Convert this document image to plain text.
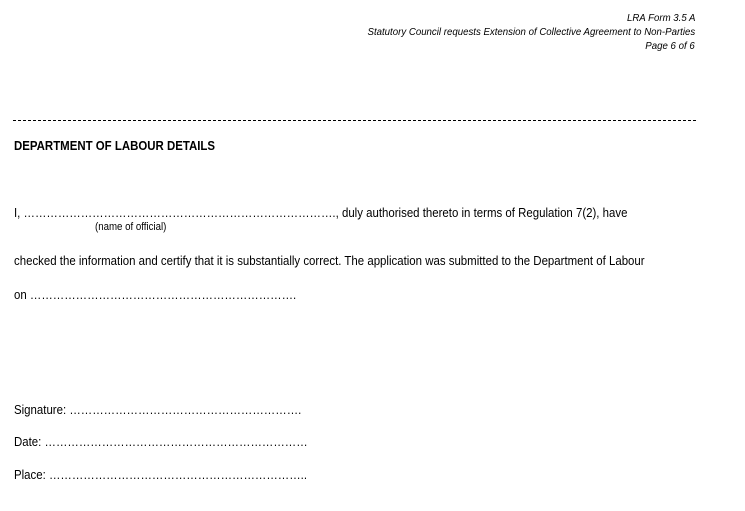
LRA Form 3.5 A
Statutory Council requests Extension of Collective Agreement to Non-Parties
Page 6 of 6
DEPARTMENT OF LABOUR DETAILS
I, ………………………………………………………………………., duly authorised thereto in terms of Regulation 7(2), have
(name of official)
checked the information and certify that it is substantially correct. The application was submitted to the Department of Labour
on …………………………………………………………….
Signature: …………………………………………………….
Date: ……………………………………………………………
Place: …………………………………………………………..
